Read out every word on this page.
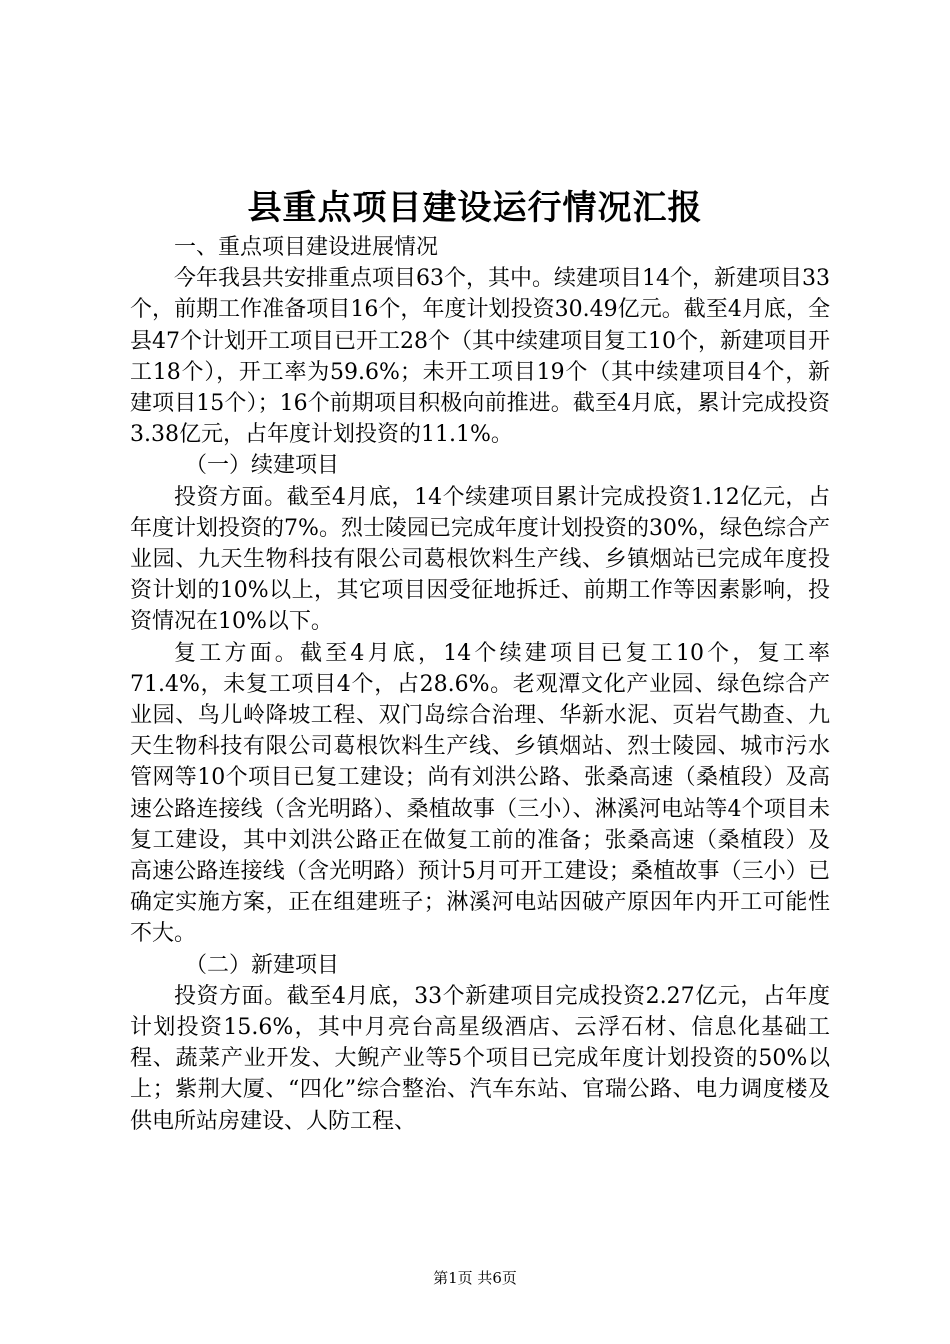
县重点项目建设运行情况汇报

一、重点项目建设进展情况

今年我县共安排重点项目63个，其中。续建项目14个，新建项目33个，前期工作准备项目16个，年度计划投资30.49亿元。截至4月底，全县47个计划开工项目已开工28个（其中续建项目复工10个，新建项目开工18个），开工率为59.6%；未开工项目19个（其中续建项目4个，新建项目15个）；16个前期项目积极向前推进。截至4月底，累计完成投资3.38亿元，占年度计划投资的11.1%。

（一）续建项目

投资方面。截至4月底，14个续建项目累计完成投资1.12亿元，占年度计划投资的7%。烈士陵园已完成年度计划投资的30%，绿色综合产业园、九天生物科技有限公司葛根饮料生产线、乡镇烟站已完成年度投资计划的10%以上，其它项目因受征地拆迁、前期工作等因素影响，投资情况在10%以下。

复工方面。截至4月底，14个续建项目已复工10个，复工率71.4%，未复工项目4个，占28.6%。老观潭文化产业园、绿色综合产业园、鸟儿岭降坡工程、双门岛综合治理、华新水泥、页岩气勘查、九天生物科技有限公司葛根饮料生产线、乡镇烟站、烈士陵园、城市污水管网等10个项目已复工建设；尚有刘洪公路、张桑高速（桑植段）及高速公路连接线（含光明路）、桑植故事（三小）、淋溪河电站等4个项目未复工建设，其中刘洪公路正在做复工前的准备；张桑高速（桑植段）及高速公路连接线（含光明路）预计5月可开工建设；桑植故事（三小）已确定实施方案，正在组建班子；淋溪河电站因破产原因年内开工可能性不大。

（二）新建项目

投资方面。截至4月底，33个新建项目完成投资2.27亿元，占年度计划投资15.6%，其中月亮台高星级酒店、云浮石材、信息化基础工程、蔬菜产业开发、大鲵产业等5个项目已完成年度计划投资的50%以上；紫荆大厦、“四化”综合整治、汽车东站、官瑞公路、电力调度楼及供电所站房建设、人防工程、

第1页 共6页
